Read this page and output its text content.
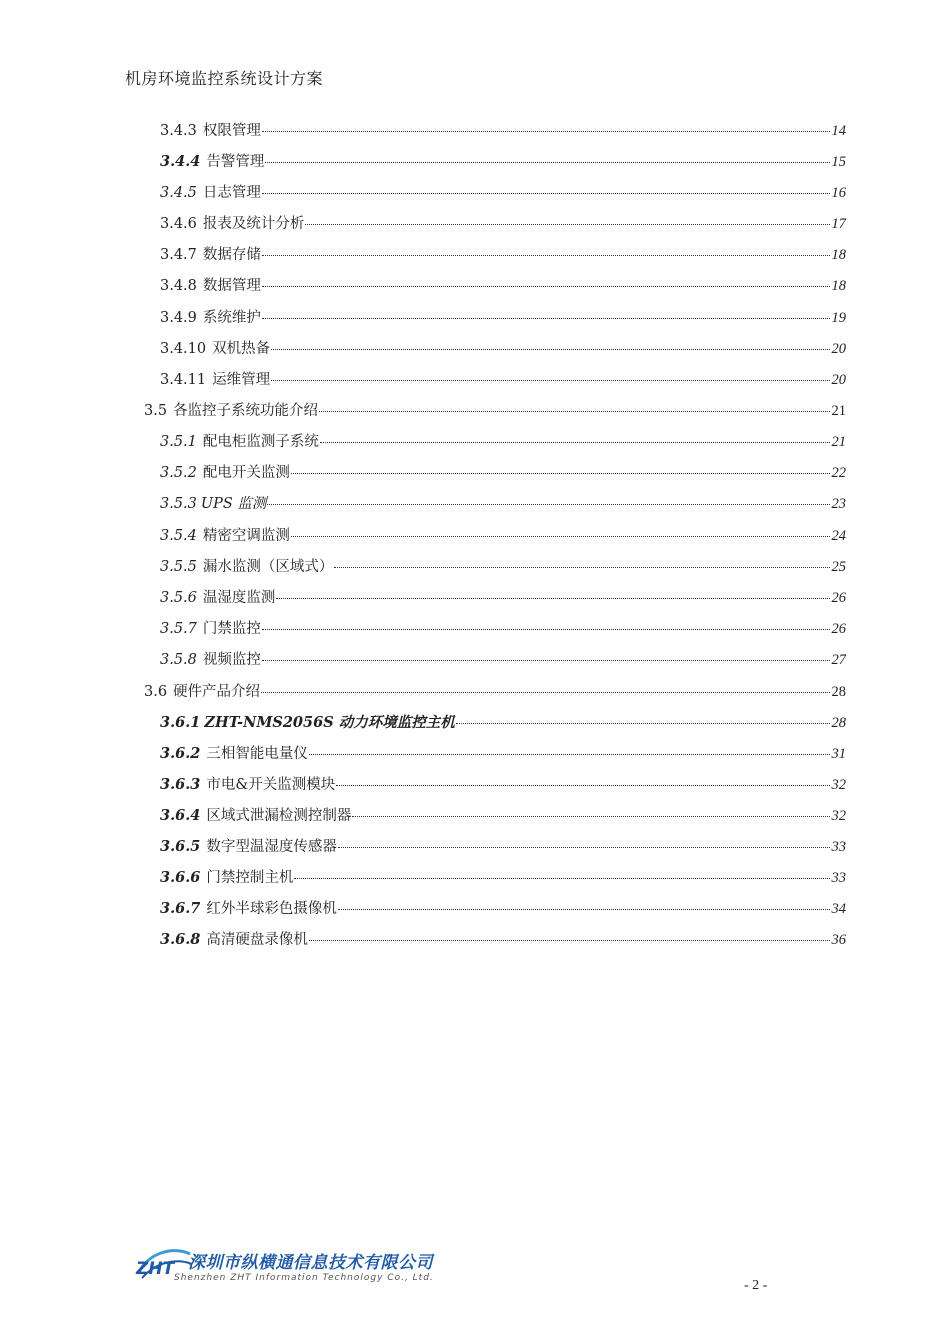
机房环境监控系统设计方案
3.4.3 权限管理	14
3.4.4 告警管理	15
3.4.5 日志管理	16
3.4.6 报表及统计分析	17
3.4.7 数据存储	18
3.4.8 数据管理	18
3.4.9 系统维护	19
3.4.10 双机热备	20
3.4.11 运维管理	20
3.5 各监控子系统功能介绍	21
3.5.1 配电柜监测子系统	21
3.5.2 配电开关监测	22
3.5.3 UPS 监测	23
3.5.4 精密空调监测	24
3.5.5 漏水监测（区域式）	25
3.5.6 温湿度监测	26
3.5.7 门禁监控	26
3.5.8 视频监控	27
3.6 硬件产品介绍	28
3.6.1 ZHT-NMS2056S 动力环境监控主机	28
3.6.2 三相智能电量仪	31
3.6.3 市电&开关监测模块	32
3.6.4 区域式泄漏检测控制器	32
3.6.5 数字型温湿度传感器	33
3.6.6 门禁控制主机	33
3.6.7 红外半球彩色摄像机	34
3.6.8 高清硬盘录像机	36
ZHT 深圳市纵横通信息技术有限公司
Shenzhen ZHT Information Technology Co., Ltd.	- 2 -
